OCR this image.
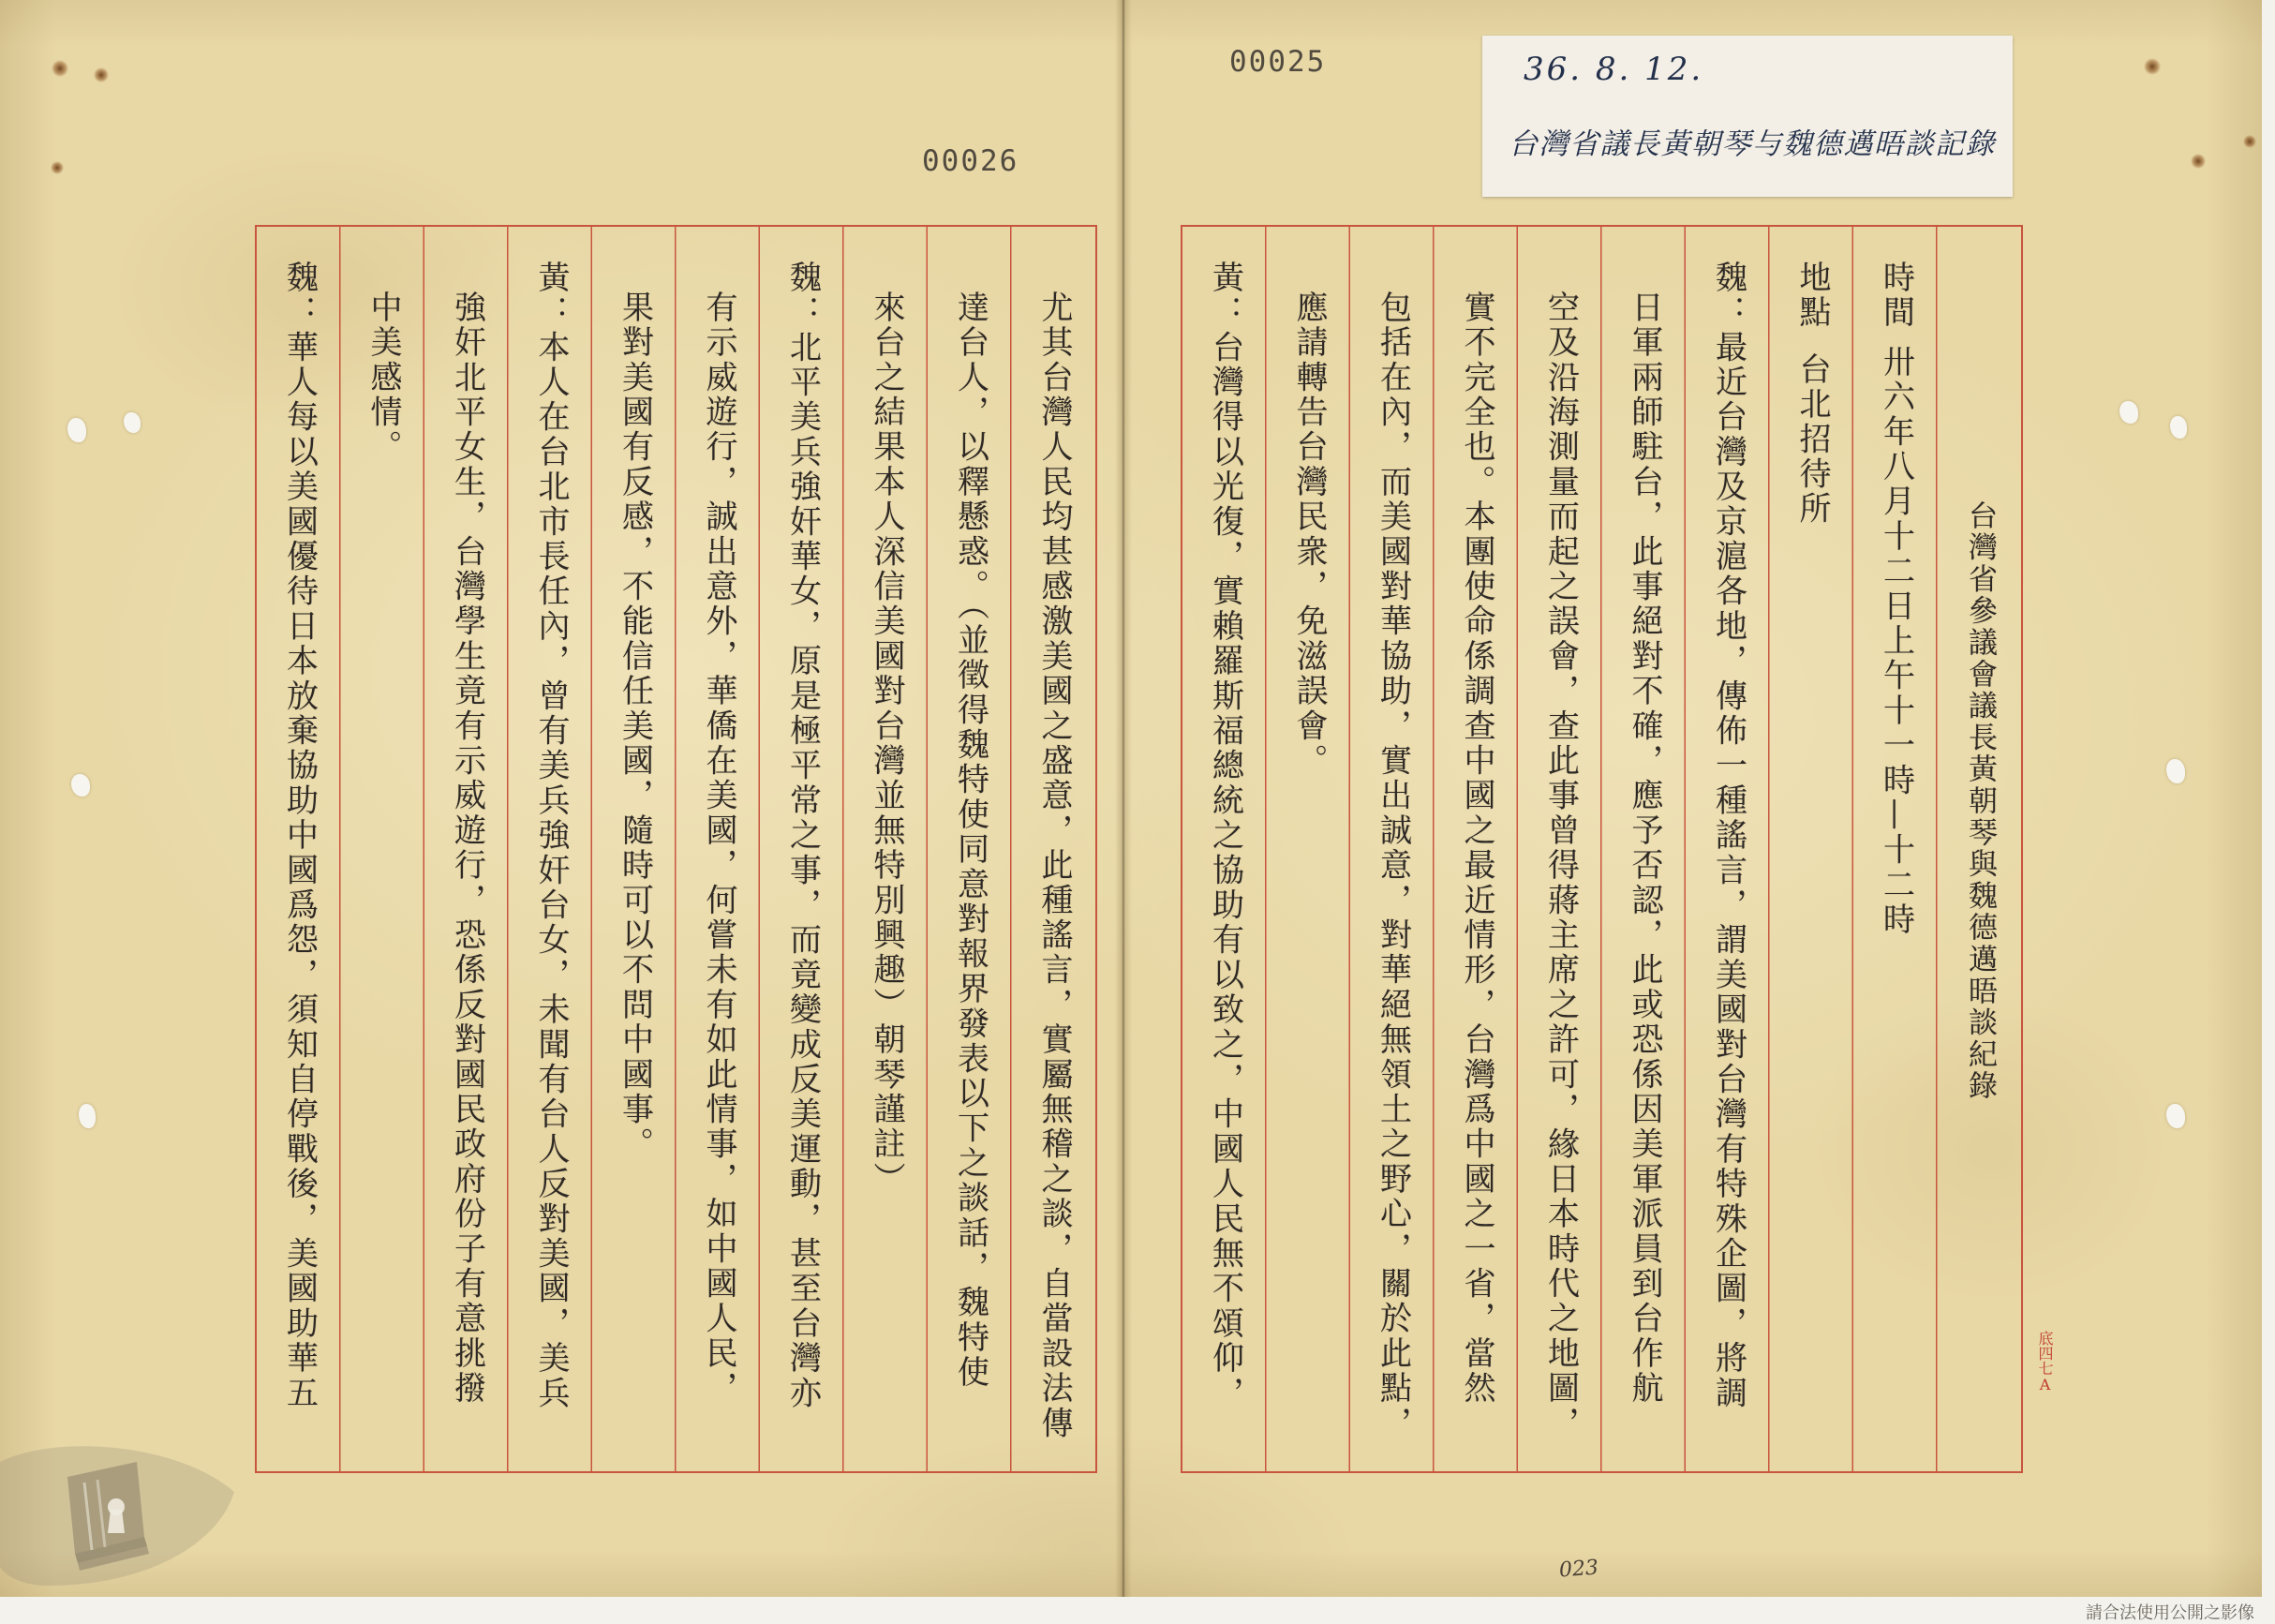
00025
00026
36. 8. 12.
台灣省議長黃朝琴与魏德邁晤談記錄
尤其台灣人民均甚感激美國之盛意，此種謠言，實屬無稽之談，自當設法傳
達台人，以釋懸惑。（並徵得魏特使同意對報界發表以下之談話，魏特使
來台之結果本人深信美國對台灣並無特別興趣）朝琴謹註）
魏：北平美兵強奸華女，原是極平常之事，而竟變成反美運動，甚至台灣亦
有示威遊行，誠出意外，華僑在美國，何嘗未有如此情事，如中國人民，
果對美國有反感，不能信任美國，隨時可以不問中國事。
黃：本人在台北市長任內，曾有美兵強奸台女，未聞有台人反對美國，美兵
強奸北平女生，台灣學生竟有示威遊行，恐係反對國民政府份子有意挑撥
中美感情。
魏：華人每以美國優待日本放棄協助中國爲怨，須知自停戰後，美國助華五	台灣省參議會議長黃朝琴與魏德邁晤談紀錄
時間
卅六年八月十二日上午十一時—十二時
地點
台北招待所
魏：最近台灣及京滬各地，傳佈一種謠言，謂美國對台灣有特殊企圖，將調
日軍兩師駐台，此事絕對不確，應予否認，此或恐係因美軍派員到台作航
空及沿海測量而起之誤會，查此事曾得蔣主席之許可，緣日本時代之地圖，
實不完全也。本團使命係調查中國之最近情形，台灣爲中國之一省，當然
包括在內，而美國對華協助，實出誠意，對華絕無領土之野心，關於此點，
應請轉告台灣民衆，免滋誤會。
黃：台灣得以光復，實賴羅斯福總統之協助有以致之，中國人民無不頌仰，	底四七A
023
請合法使用公開之影像
